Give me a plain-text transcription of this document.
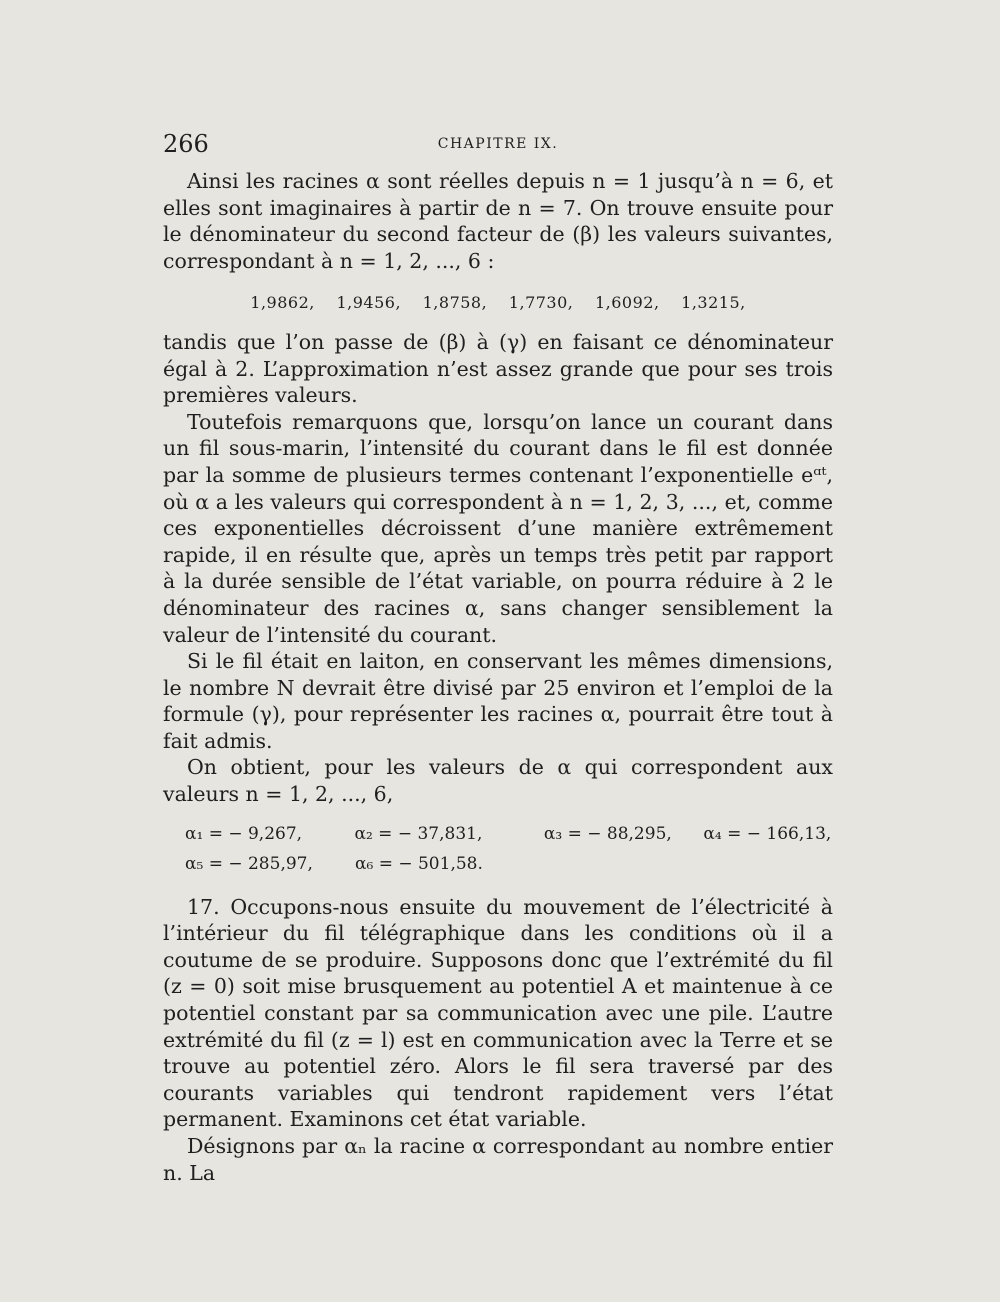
266	CHAPITRE IX.

Ainsi les racines α sont réelles depuis n = 1 jusqu’à n = 6, et elles sont imaginaires à partir de n = 7. On trouve ensuite pour le dénominateur du second facteur de (β) les valeurs suivantes, correspondant à n = 1, 2, ..., 6 :

1,9862, 1,9456, 1,8758, 1,7730, 1,6092, 1,3215,

tandis que l’on passe de (β) à (γ) en faisant ce dénominateur égal à 2. L’approximation n’est assez grande que pour ses trois premières valeurs.

Toutefois remarquons que, lorsqu’on lance un courant dans un fil sous-marin, l’intensité du courant dans le fil est donnée par la somme de plusieurs termes contenant l’exponentielle eᵅᵗ, où α a les valeurs qui correspondent à n = 1, 2, 3, ..., et, comme ces exponentielles décroissent d’une manière extrêmement rapide, il en résulte que, après un temps très petit par rapport à la durée sensible de l’état variable, on pourra réduire à 2 le dénominateur des racines α, sans changer sensiblement la valeur de l’intensité du courant.

Si le fil était en laiton, en conservant les mêmes dimensions, le nombre N devrait être divisé par 25 environ et l’emploi de la formule (γ), pour représenter les racines α, pourrait être tout à fait admis.

On obtient, pour les valeurs de α qui correspondent aux valeurs n = 1, 2, ..., 6,

α₁ = − 9,267,	α₂ = − 37,831,	α₃ = − 88,295,	α₄ = − 166,13,
α₅ = − 285,97,	α₆ = − 501,58.

17. Occupons-nous ensuite du mouvement de l’électricité à l’intérieur du fil télégraphique dans les conditions où il a coutume de se produire. Supposons donc que l’extrémité du fil (z = 0) soit mise brusquement au potentiel A et maintenue à ce potentiel constant par sa communication avec une pile. L’autre extrémité du fil (z = l) est en communication avec la Terre et se trouve au potentiel zéro. Alors le fil sera traversé par des courants variables qui tendront rapidement vers l’état permanent. Examinons cet état variable.

Désignons par αₙ la racine α correspondant au nombre entier n. La
